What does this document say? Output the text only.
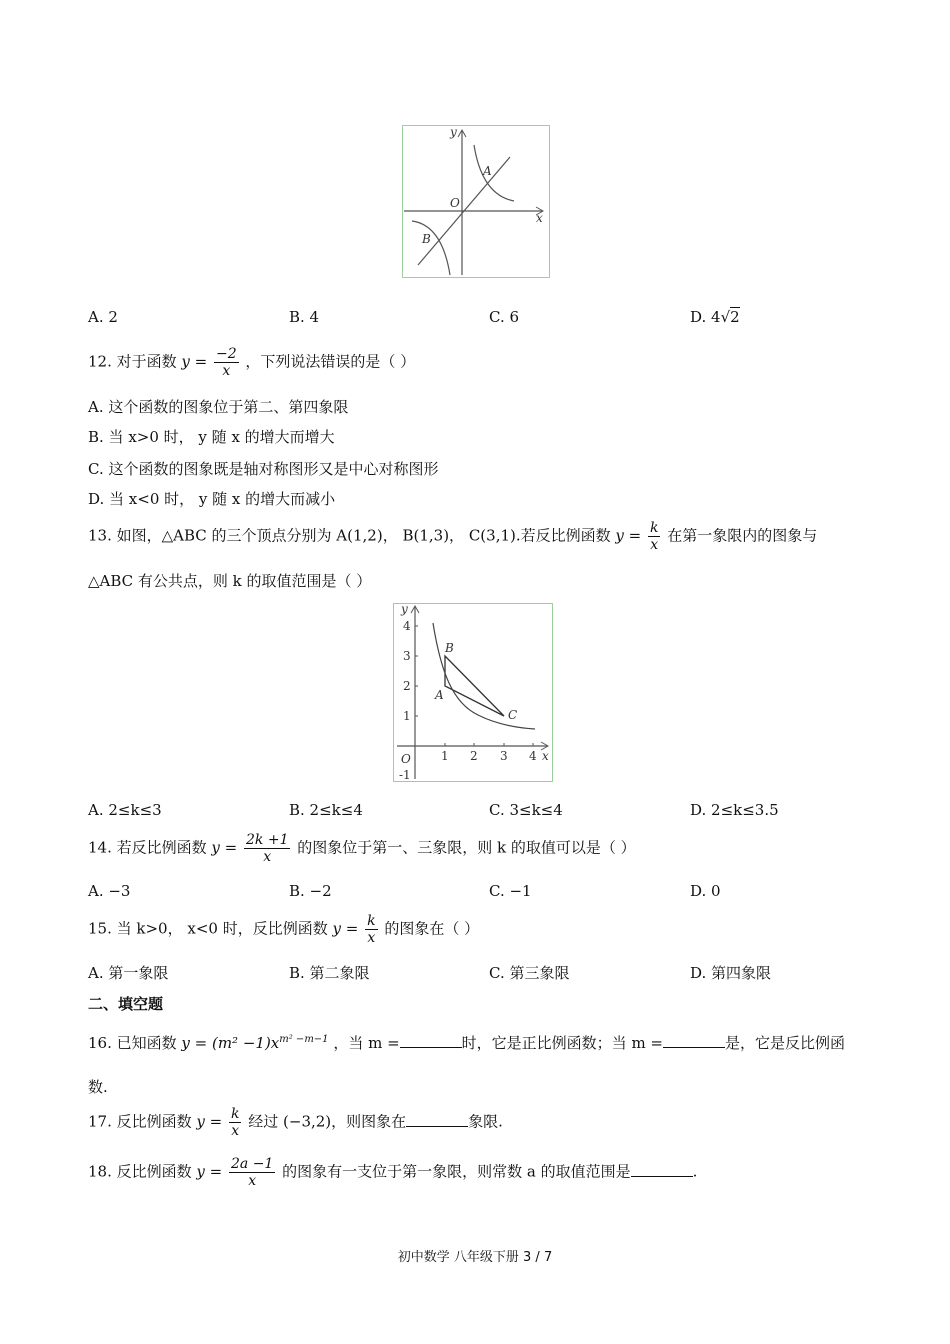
y
x
O
A
B
A. 2	B. 4	C. 6	D. 4√2
12. 对于函数 $y = \frac{-2}{x}$ ，下列说法错误的是（ ）
A. 这个函数的图象位于第二、第四象限
B. 当 x>0 时， y 随 x 的增大而增大
C. 这个函数的图象既是轴对称图形又是中心对称图形
D. 当 x<0 时， y 随 x 的增大而减小
13. 如图，△ABC 的三个顶点分别为 A(1,2)， B(1,3)， C(3,1).若反比例函数 $y = \frac{k}{x}$ 在第一象限内的图象与
△ABC 有公共点，则 k 的取值范围是（ ）
y
x
O
4
3
2
1
-1
1 2 3 4
A
B
C
A. 2≤k≤3	B. 2≤k≤4	C. 3≤k≤4	D. 2≤k≤3.5
14. 若反比例函数 $y = \frac{2k +1}{x}$ 的图象位于第一、三象限，则 k 的取值可以是（ ）
A. −3	B. −2	C. −1	D. 0
15. 当 k>0， x<0 时，反比例函数 $y = \frac{k}{x}$ 的图象在（ ）
A. 第一象限	B. 第二象限	C. 第三象限	D. 第四象限
二、填空题
16. 已知函数 $y = (m^2 -1)x^{m^2 -m-1}$ ，当 m =	时，它是正比例函数；当 m =	是，它是反比例函
数.
17. 反比例函数 $y = \frac{k}{x}$ 经过 (−3,2)，则图象在	象限.
18. 反比例函数 $y = \frac{2a -1}{x}$ 的图象有一支位于第一象限，则常数 a 的取值范围是	.
初中数学 八年级下册 3 / 7
